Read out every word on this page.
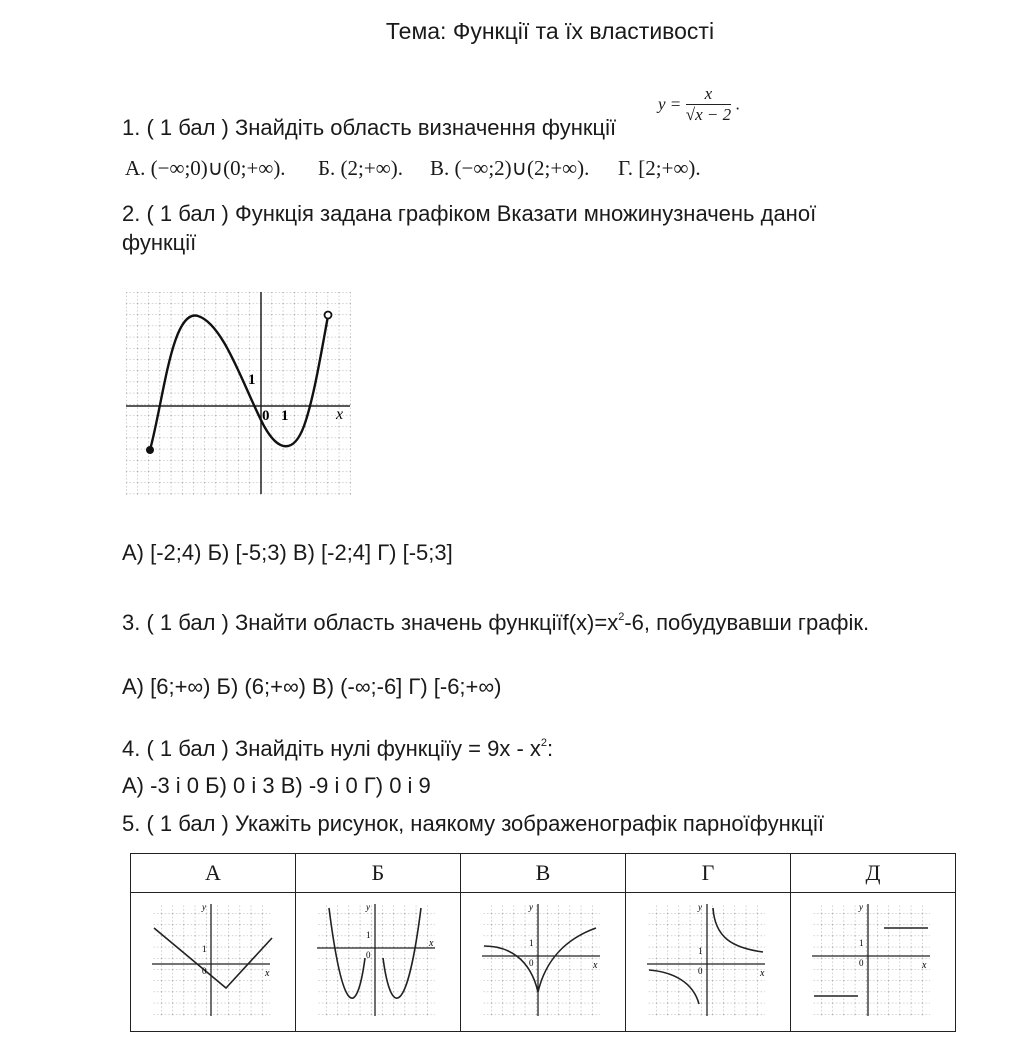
Тема: Функції та їх властивості
1. ( 1 бал ) Знайдіть область визначення функції
$y = \frac{x}{√x - 2}$ .
А. (−∞;0)∪(0;+∞). Б. (2;+∞). В. (−∞;2)∪(2;+∞). Г. [2;+∞).
2. ( 1 бал ) Функція задана графіком Вказати множинузначень даної
функції
1
0 1	x
А) [-2;4) Б) [-5;3) В) [-2;4] Г) [-5;3]
3. ( 1 бал ) Знайти область значень $функціїf(x)=x^2-6$, побудувавши графік.
А) [6;+∞) Б) (6;+∞) В) (-∞;-6] Г) [-6;+∞)
4. ( 1 бал ) Знайдіть нулі функціїу = $9x - x^2$:
А) -3 і 0 Б) 0 і 3 В) -9 і 0 Г) 0 і 9
5. ( 1 бал ) Укажіть рисунок, наякому зображенографік парноїфункції
А	Б	В	Г	Д

y
x
1
0	y
x
1
0	y
x
1
0	y
x
1
0	y
x
1
0
